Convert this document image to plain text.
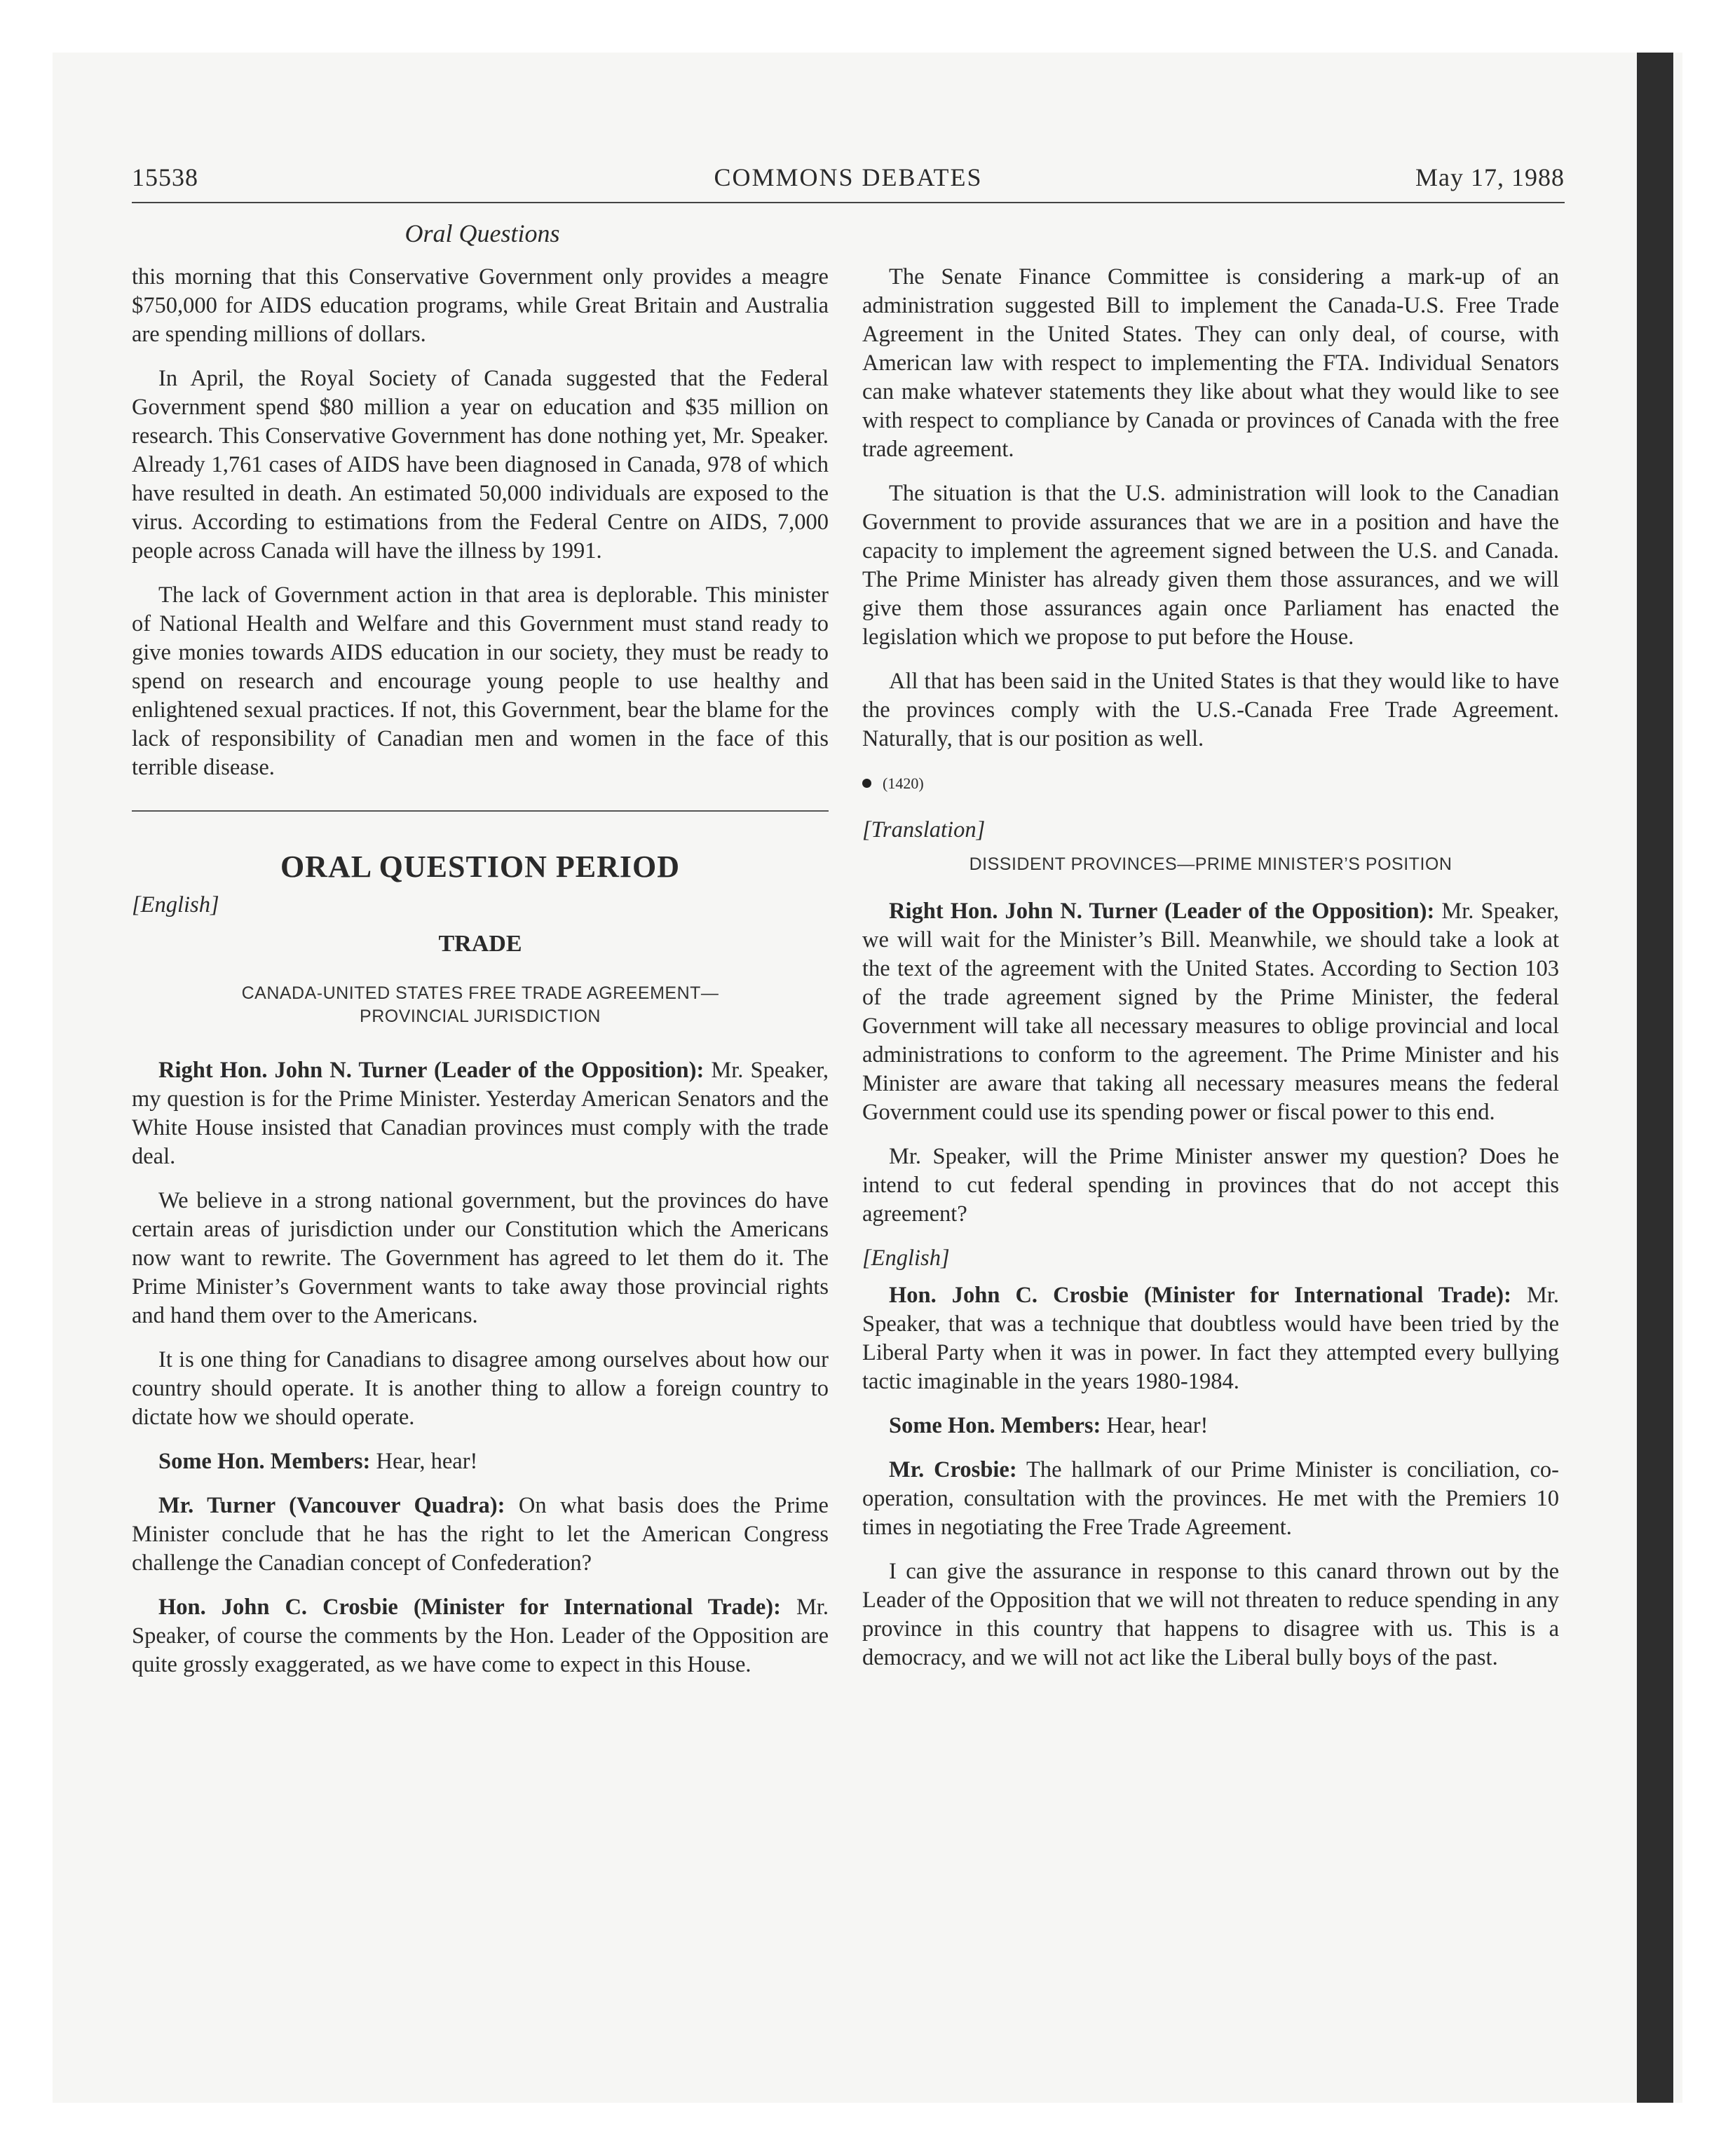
15538	COMMONS DEBATES	May 17, 1988
Oral Questions

this morning that this Conservative Government only provides a meagre $750,000 for AIDS education programs, while Great Britain and Australia are spending millions of dollars.

In April, the Royal Society of Canada suggested that the Federal Government spend $80 million a year on education and $35 million on research. This Conservative Government has done nothing yet, Mr. Speaker. Already 1,761 cases of AIDS have been diagnosed in Canada, 978 of which have resulted in death. An estimated 50,000 individuals are exposed to the virus. According to estimations from the Federal Centre on AIDS, 7,000 people across Canada will have the illness by 1991.

The lack of Government action in that area is deplorable. This minister of National Health and Welfare and this Government must stand ready to give monies towards AIDS education in our society, they must be ready to spend on research and encourage young people to use healthy and enlightened sexual practices. If not, this Government, bear the blame for the lack of responsibility of Canadian men and women in the face of this terrible disease.

ORAL QUESTION PERIOD
[English]
TRADE
CANADA-UNITED STATES FREE TRADE AGREEMENT—
PROVINCIAL JURISDICTION

Right Hon. John N. Turner (Leader of the Opposition): Mr. Speaker, my question is for the Prime Minister. Yesterday American Senators and the White House insisted that Canadian provinces must comply with the trade deal.

We believe in a strong national government, but the provinces do have certain areas of jurisdiction under our Constitution which the Americans now want to rewrite. The Government has agreed to let them do it. The Prime Minister’s Government wants to take away those provincial rights and hand them over to the Americans.

It is one thing for Canadians to disagree among ourselves about how our country should operate. It is another thing to allow a foreign country to dictate how we should operate.

Some Hon. Members: Hear, hear!

Mr. Turner (Vancouver Quadra): On what basis does the Prime Minister conclude that he has the right to let the American Congress challenge the Canadian concept of Confederation?

Hon. John C. Crosbie (Minister for International Trade): Mr. Speaker, of course the comments by the Hon. Leader of the Opposition are quite grossly exaggerated, as we have come to expect in this House.

The Senate Finance Committee is considering a mark-up of an administration suggested Bill to implement the Canada-U.S. Free Trade Agreement in the United States. They can only deal, of course, with American law with respect to implementing the FTA. Individual Senators can make whatever statements they like about what they would like to see with respect to compliance by Canada or provinces of Canada with the free trade agreement.

The situation is that the U.S. administration will look to the Canadian Government to provide assurances that we are in a position and have the capacity to implement the agreement signed between the U.S. and Canada. The Prime Minister has already given them those assurances, and we will give them those assurances again once Parliament has enacted the legislation which we propose to put before the House.

All that has been said in the United States is that they would like to have the provinces comply with the U.S.-Canada Free Trade Agreement. Naturally, that is our position as well.

(1420)
[Translation]
DISSIDENT PROVINCES—PRIME MINISTER’S POSITION

Right Hon. John N. Turner (Leader of the Opposition): Mr. Speaker, we will wait for the Minister’s Bill. Meanwhile, we should take a look at the text of the agreement with the United States. According to Section 103 of the trade agreement signed by the Prime Minister, the federal Government will take all necessary measures to oblige provincial and local administrations to conform to the agreement. The Prime Minister and his Minister are aware that taking all necessary measures means the federal Government could use its spending power or fiscal power to this end.

Mr. Speaker, will the Prime Minister answer my question? Does he intend to cut federal spending in provinces that do not accept this agreement?

[English]

Hon. John C. Crosbie (Minister for International Trade): Mr. Speaker, that was a technique that doubtless would have been tried by the Liberal Party when it was in power. In fact they attempted every bullying tactic imaginable in the years 1980-1984.

Some Hon. Members: Hear, hear!

Mr. Crosbie: The hallmark of our Prime Minister is conciliation, co-operation, consultation with the provinces. He met with the Premiers 10 times in negotiating the Free Trade Agreement.

I can give the assurance in response to this canard thrown out by the Leader of the Opposition that we will not threaten to reduce spending in any province in this country that happens to disagree with us. This is a democracy, and we will not act like the Liberal bully boys of the past.
